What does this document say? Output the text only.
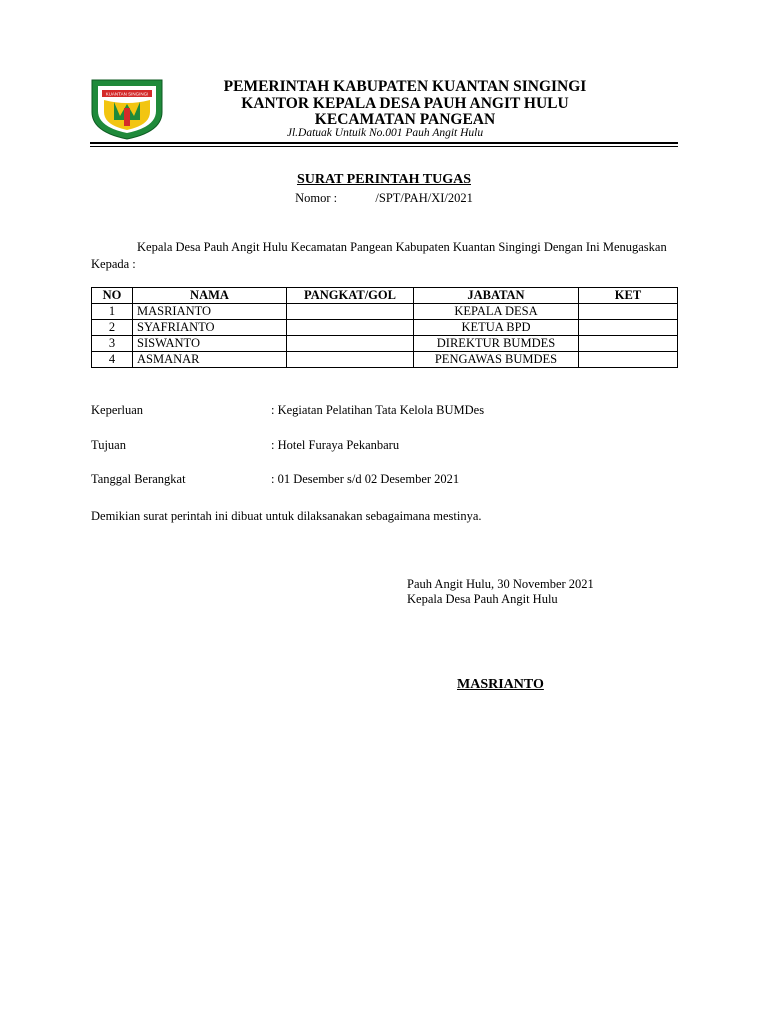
KUANTAN SINGINGI	PEMERINTAH KABUPATEN KUANTAN SINGINGI
KANTOR KEPALA DESA PAUH ANGIT HULU
KECAMATAN PANGEAN
Jl.Datuak Untuik No.001 Pauh Angit Hulu
SURAT PERINTAH TUGAS
Nomor :	/SPT/PAH/XI/2021
Kepala Desa Pauh Angit Hulu Kecamatan Pangean Kabupaten Kuantan Singingi Dengan Ini Menugaskan Kepada :
NO	NAMA	PANGKAT/GOL	JABATAN	KET
1	MASRIANTO		KEPALA DESA	
2	SYAFRIANTO		KETUA BPD	
3	SISWANTO		DIREKTUR BUMDES	
4	ASMANAR		PENGAWAS BUMDES	
Keperluan	: Kegiatan Pelatihan Tata Kelola BUMDes
Tujuan	: Hotel Furaya Pekanbaru
Tanggal Berangkat	: 01 Desember s/d 02 Desember 2021
Demikian surat perintah ini dibuat untuk dilaksanakan sebagaimana mestinya.
Pauh Angit Hulu, 30 November 2021
Kepala Desa Pauh Angit Hulu
MASRIANTO
